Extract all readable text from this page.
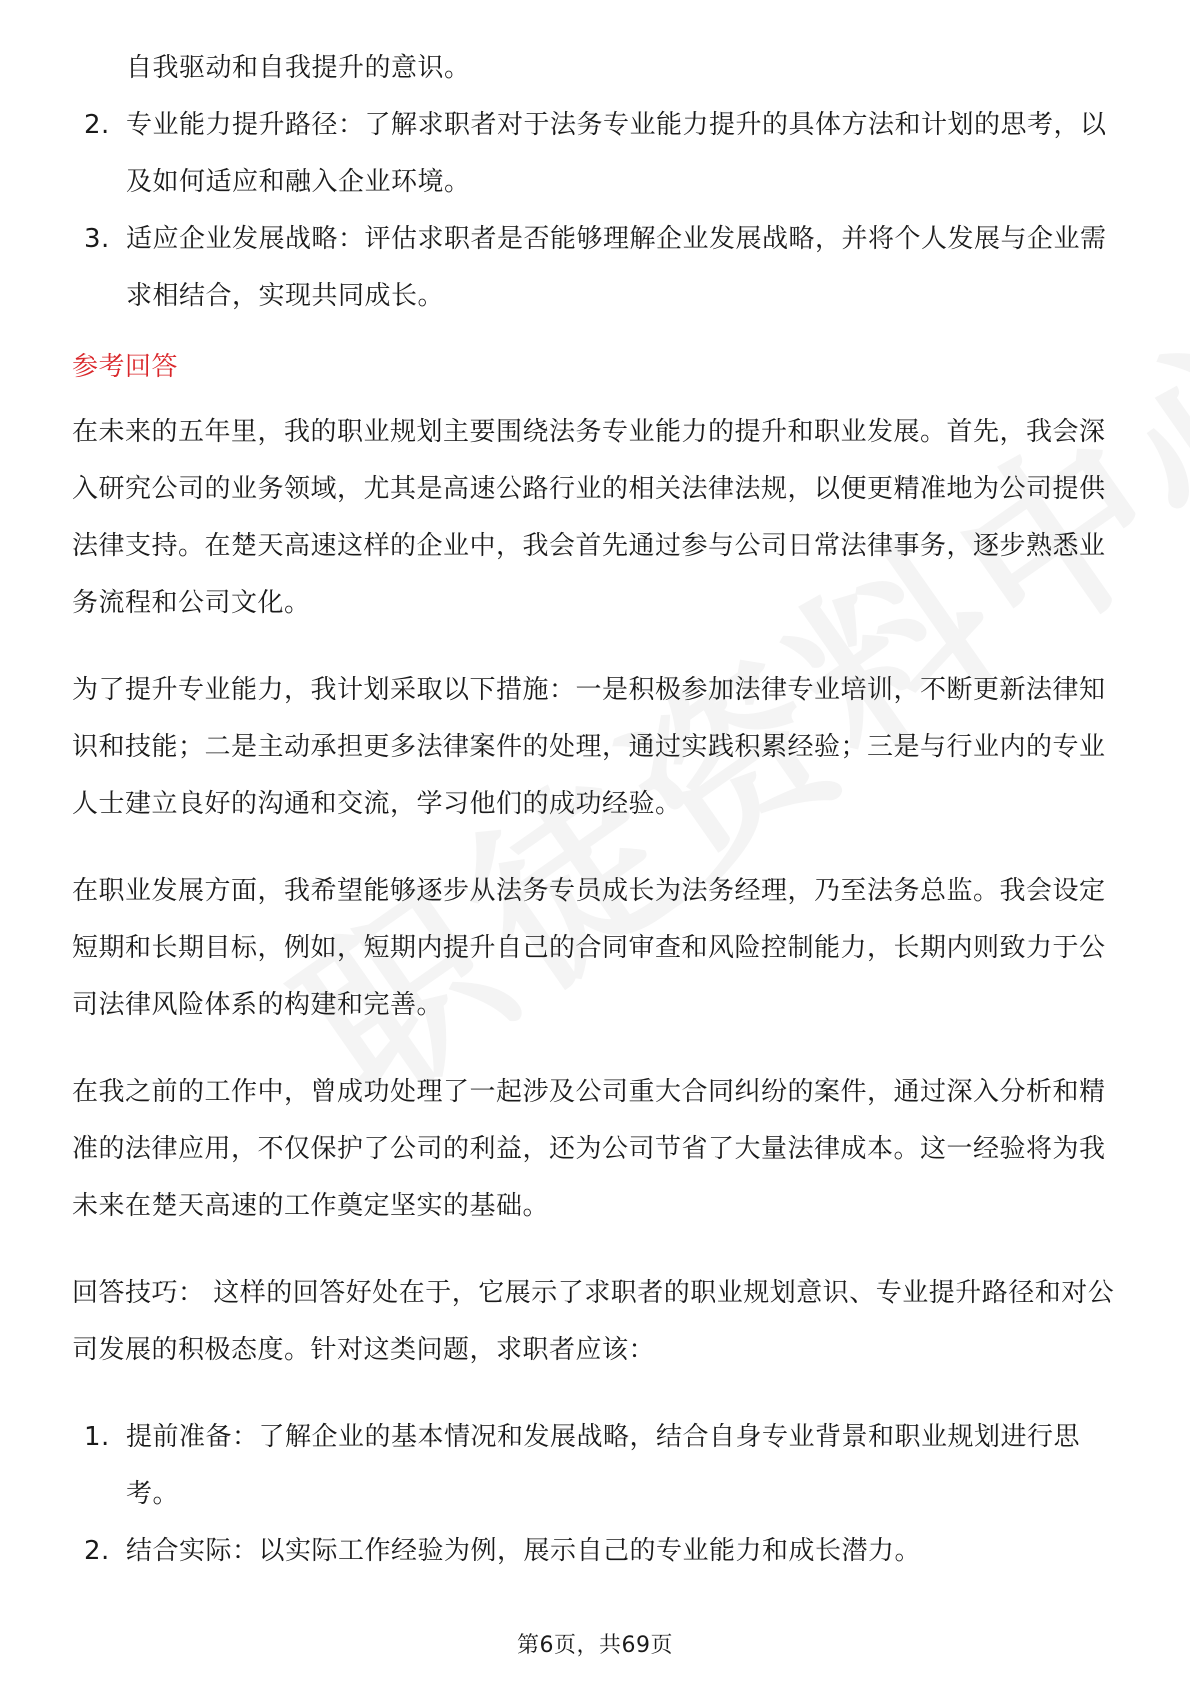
自我驱动和自我提升的意识。

2. 专业能力提升路径：了解求职者对于法务专业能力提升的具体方法和计划的思考，以及如何适应和融入企业环境。
3. 适应企业发展战略：评估求职者是否能够理解企业发展战略，并将个人发展与企业需求相结合，实现共同成长。
参考回答

在未来的五年里，我的职业规划主要围绕法务专业能力的提升和职业发展。首先，我会深入研究公司的业务领域，尤其是高速公路行业的相关法律法规，以便更精准地为公司提供法律支持。在楚天高速这样的企业中，我会首先通过参与公司日常法律事务，逐步熟悉业务流程和公司文化。

为了提升专业能力，我计划采取以下措施：一是积极参加法律专业培训，不断更新法律知识和技能；二是主动承担更多法律案件的处理，通过实践积累经验；三是与行业内的专业人士建立良好的沟通和交流，学习他们的成功经验。

在职业发展方面，我希望能够逐步从法务专员成长为法务经理，乃至法务总监。我会设定短期和长期目标，例如，短期内提升自己的合同审查和风险控制能力，长期内则致力于公司法律风险体系的构建和完善。

在我之前的工作中，曾成功处理了一起涉及公司重大合同纠纷的案件，通过深入分析和精准的法律应用，不仅保护了公司的利益，还为公司节省了大量法律成本。这一经验将为我未来在楚天高速的工作奠定坚实的基础。

回答技巧： 这样的回答好处在于，它展示了求职者的职业规划意识、专业提升路径和对公司发展的积极态度。针对这类问题，求职者应该：

1. 提前准备：了解企业的基本情况和发展战略，结合自身专业背景和职业规划进行思考。
2. 结合实际：以实际工作经验为例，展示自己的专业能力和成长潜力。
第6页，共69页
